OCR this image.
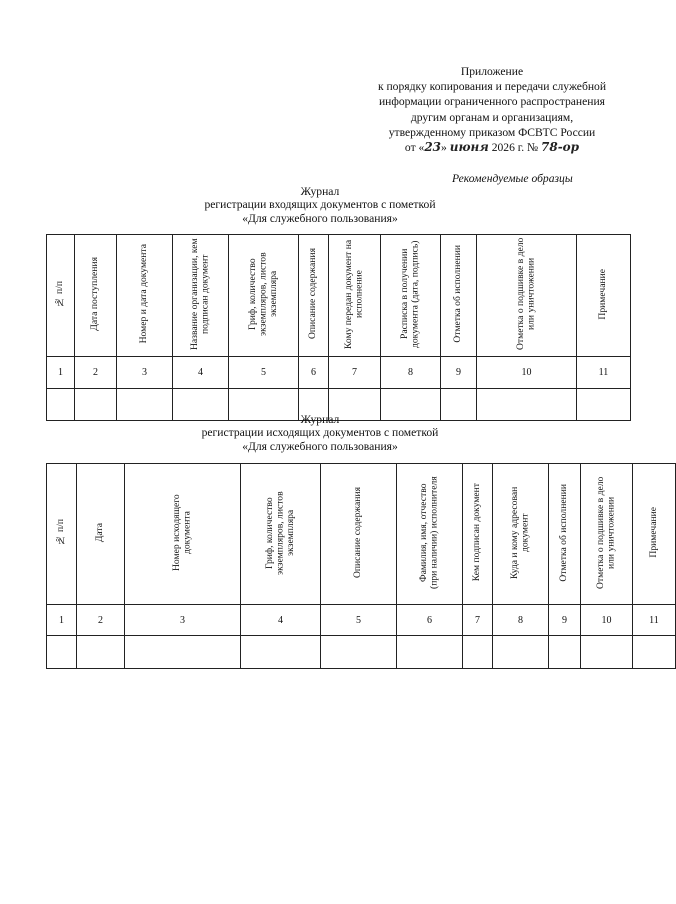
Приложение
к порядку копирования и передачи служебной
информации ограниченного распространения
другим органам и организациям,
утвержденному приказом ФСВТС России
от «23» июня 2026 г. № 78-ор
Рекомендуемые образцы
Журнал
регистрации входящих документов с пометкой
«Для служебного пользования»
№ п/п	Дата поступления	Номер и дата документа	Название организации, кем подписан документ	Гриф, количество экземпляров, листов экземпляра	Описание содержания	Кому передан документ на исполнение	Расписка в получении документа (дата, подпись)	Отметка об исполнении	Отметка о подшивке в дело или уничтожении	Примечание
1	2	3	4	5	6	7	8	9	10	11

Журнал
регистрации исходящих документов с пометкой
«Для служебного пользования»
№ п/п	Дата	Номер исходящего документа	Гриф, количество экземпляров, листов экземпляра	Описание содержания	Фамилия, имя, отчество (при наличии) исполнителя	Кем подписан документ	Куда и кому адресован документ	Отметка об исполнении	Отметка о подшивке в дело или уничтожении	Примечание
1	2	3	4	5	6	7	8	9	10	11
